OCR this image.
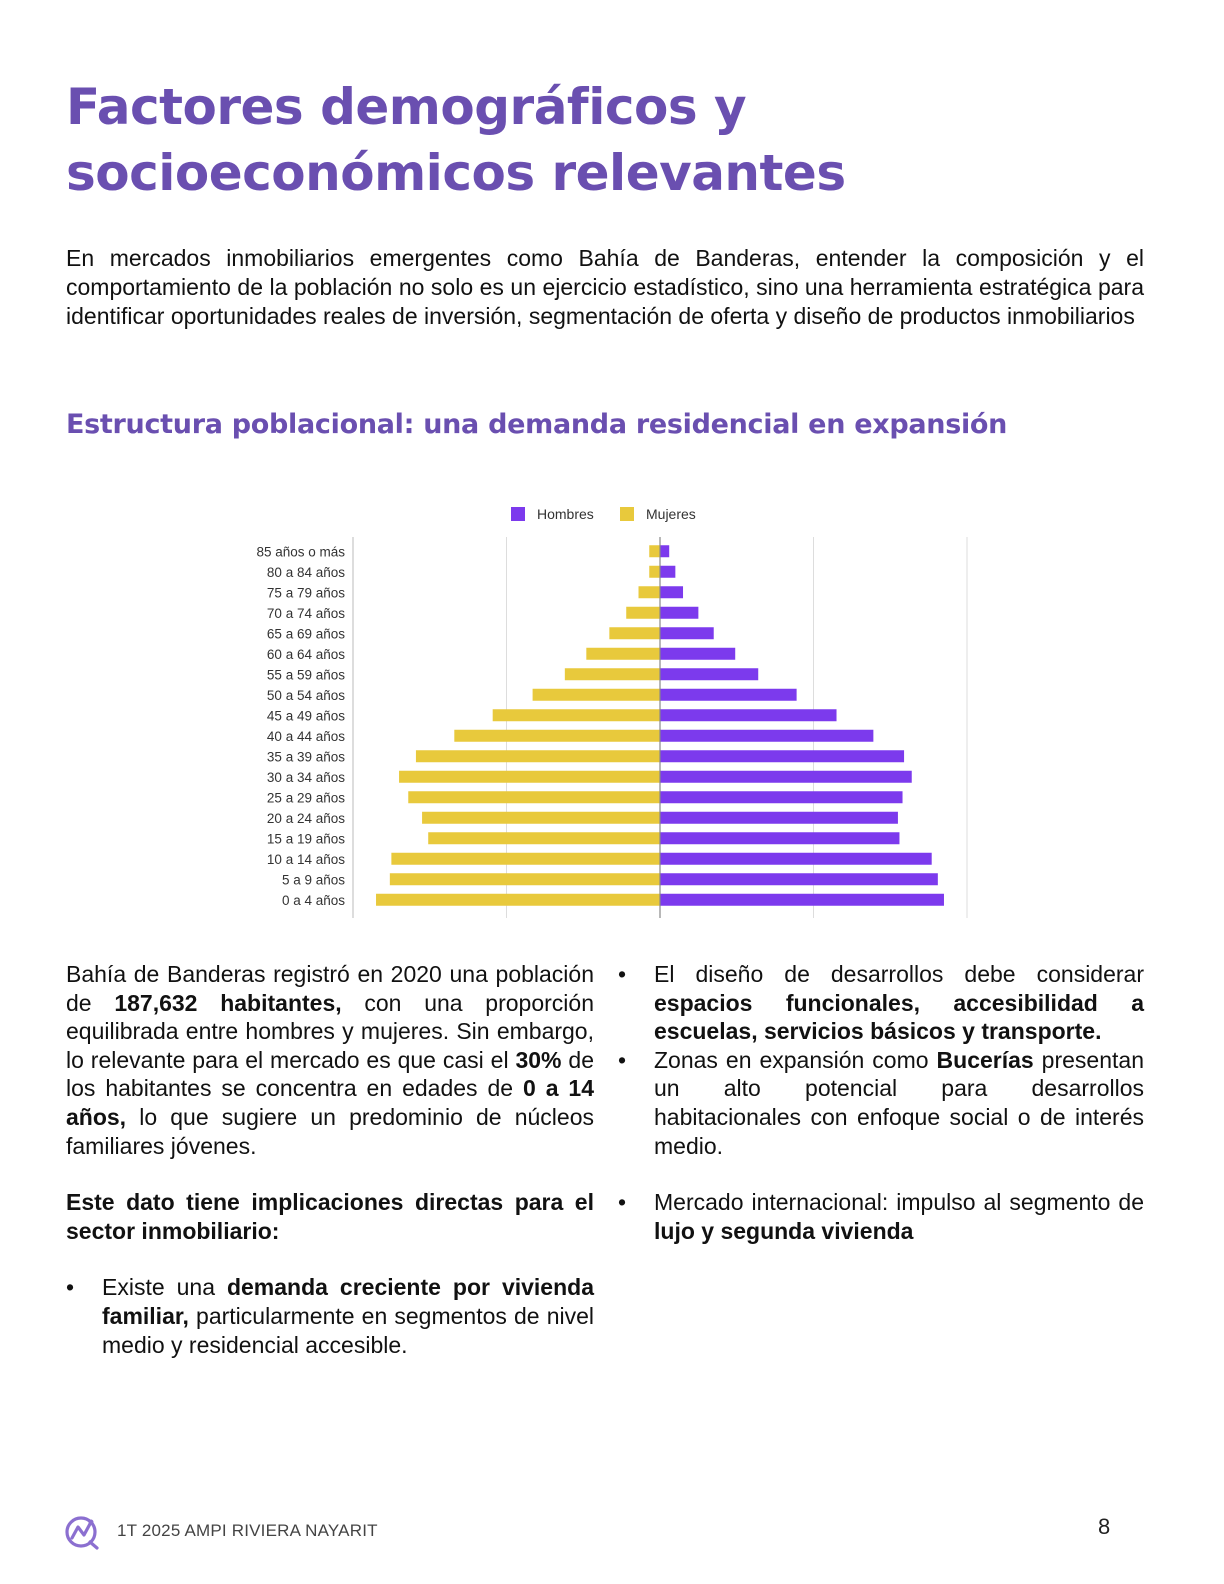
Factores demográficos y
socioeconómicos relevantes

En mercados inmobiliarios emergentes como Bahía de Banderas, entender la composición y el comportamiento de la población no solo es un ejercicio estadístico, sino una herramienta estratégica para identificar oportunidades reales de inversión, segmentación de oferta y diseño de productos inmobiliarios

Estructura poblacional: una demanda residencial en expansión
85 años o más
80 a 84 años
75 a 79 años
70 a 74 años
65 a 69 años
60 a 64 años
55 a 59 años
50 a 54 años
45 a 49 años
40 a 44 años
35 a 39 años
30 a 34 años
25 a 29 años
20 a 24 años
15 a 19 años
10 a 14 años
5 a 9 años
0 a 4 años
Hombres	Mujeres

Bahía de Banderas registró en 2020 una población de 187,632 habitantes, con una proporción equilibrada entre hombres y mujeres. Sin embargo, lo relevante para el mercado es que casi el 30% de los habitantes se concentra en edades de 0 a 14 años, lo que sugiere un predominio de núcleos familiares jóvenes.

Este dato tiene implicaciones directas para el sector inmobiliario:

• Existe una demanda creciente por vivienda familiar, particularmente en segmentos de nivel medio y residencial accesible.
• El diseño de desarrollos debe considerar espacios funcionales, accesibilidad a escuelas, servicios básicos y transporte.
• Zonas en expansión como Bucerías presentan un alto potencial para desarrollos habitacionales con enfoque social o de interés medio.
• Mercado internacional: impulso al segmento de lujo y segunda vivienda
1T 2025 AMPI RIVIERA NAYARIT	8
